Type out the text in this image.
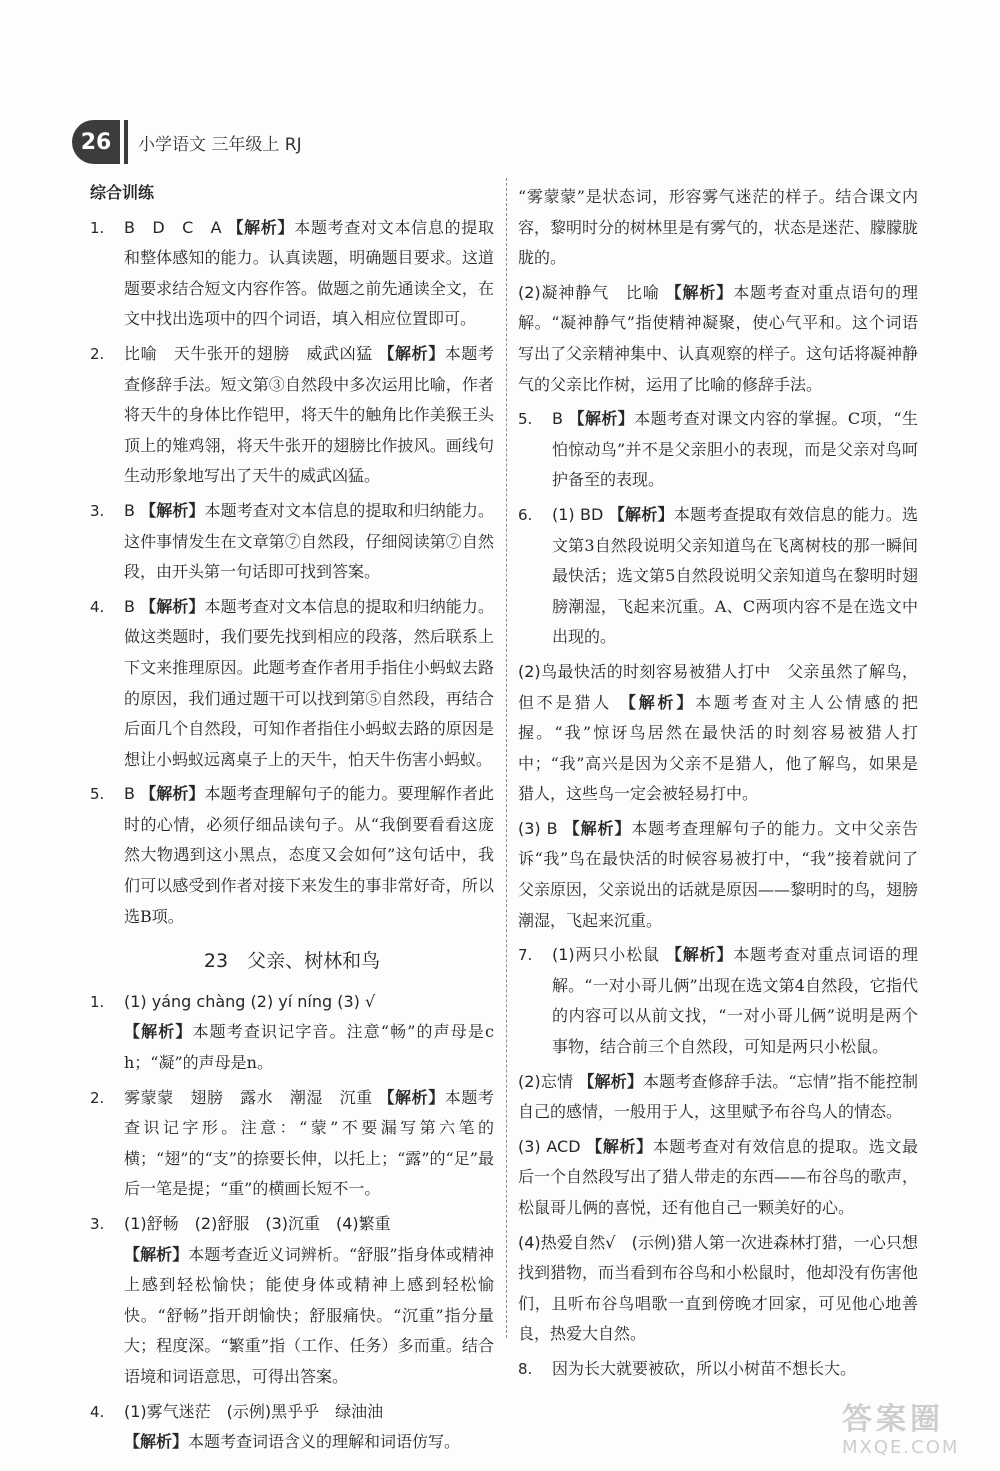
26	小学语文 三年级上 RJ
综合训练
1.	B　D　C　A 【解析】本题考查对文本信息的提取和整体感知的能力。认真读题，明确题目要求。这道题要求结合短文内容作答。做题之前先通读全文，在文中找出选项中的四个词语，填入相应位置即可。
2.	比喻　天牛张开的翅膀　威武凶猛 【解析】本题考查修辞手法。短文第③自然段中多次运用比喻，作者将天牛的身体比作铠甲，将天牛的触角比作美猴王头顶上的雉鸡翎，将天牛张开的翅膀比作披风。画线句生动形象地写出了天牛的威武凶猛。
3.	B 【解析】本题考查对文本信息的提取和归纳能力。这件事情发生在文章第⑦自然段，仔细阅读第⑦自然段，由开头第一句话即可找到答案。
4.	B 【解析】本题考查对文本信息的提取和归纳能力。做这类题时，我们要先找到相应的段落，然后联系上下文来推理原因。此题考查作者用手指住小蚂蚁去路的原因，我们通过题干可以找到第⑤自然段，再结合后面几个自然段，可知作者指住小蚂蚁去路的原因是想让小蚂蚁远离桌子上的天牛，怕天牛伤害小蚂蚁。
5.	B 【解析】本题考查理解句子的能力。要理解作者此时的心情，必须仔细品读句子。从“我倒要看看这庞然大物遇到这小黑点，态度又会如何”这句话中，我们可以感受到作者对接下来发生的事非常好奇，所以选B项。
23　父亲、树林和鸟
1.	(1) yáng chàng (2) yí níng (3) √
【解析】本题考查识记字音。注意“畅”的声母是ch；“凝”的声母是n。
2.	雾蒙蒙　翅膀　露水　潮湿　沉重 【解析】本题考查识记字形。注意：“蒙”不要漏写第六笔的横；“翅”的“支”的捺要长伸，以托上；“露”的“足”最后一笔是提；“重”的横画长短不一。
3.	(1)舒畅　(2)舒服　(3)沉重　(4)繁重
【解析】本题考查近义词辨析。“舒服”指身体或精神上感到轻松愉快；能使身体或精神上感到轻松愉快。“舒畅”指开朗愉快；舒服痛快。“沉重”指分量大；程度深。“繁重”指（工作、任务）多而重。结合语境和词语意思，可得出答案。
4.	(1)雾气迷茫　(示例)黑乎乎　绿油油
【解析】本题考查词语含义的理解和词语仿写。
“雾蒙蒙”是状态词，形容雾气迷茫的样子。结合课文内容，黎明时分的树林里是有雾气的，状态是迷茫、朦朦胧胧的。
(2)凝神静气　比喻 【解析】本题考查对重点语句的理解。“凝神静气”指使精神凝聚，使心气平和。这个词语写出了父亲精神集中、认真观察的样子。这句话将凝神静气的父亲比作树，运用了比喻的修辞手法。
5.	B 【解析】本题考查对课文内容的掌握。C项，“生怕惊动鸟”并不是父亲胆小的表现，而是父亲对鸟呵护备至的表现。
6.	(1) BD 【解析】本题考查提取有效信息的能力。选文第3自然段说明父亲知道鸟在飞离树枝的那一瞬间最快活；选文第5自然段说明父亲知道鸟在黎明时翅膀潮湿，飞起来沉重。A、C两项内容不是在选文中出现的。
(2)鸟最快活的时刻容易被猎人打中　父亲虽然了解鸟，但不是猎人 【解析】本题考查对主人公情感的把握。“我”惊讶鸟居然在最快活的时刻容易被猎人打中；“我”高兴是因为父亲不是猎人，他了解鸟，如果是猎人，这些鸟一定会被轻易打中。
(3) B 【解析】本题考查理解句子的能力。文中父亲告诉“我”鸟在最快活的时候容易被打中，“我”接着就问了父亲原因，父亲说出的话就是原因——黎明时的鸟，翅膀潮湿，飞起来沉重。
7.	(1)两只小松鼠 【解析】本题考查对重点词语的理解。“一对小哥儿俩”出现在选文第4自然段，它指代的内容可以从前文找，“一对小哥儿俩”说明是两个事物，结合前三个自然段，可知是两只小松鼠。
(2)忘情 【解析】本题考查修辞手法。“忘情”指不能控制自己的感情，一般用于人，这里赋予布谷鸟人的情态。
(3) ACD 【解析】本题考查对有效信息的提取。选文最后一个自然段写出了猎人带走的东西——布谷鸟的歌声，松鼠哥儿俩的喜悦，还有他自己一颗美好的心。
(4)热爱自然√　(示例)猎人第一次进森林打猎，一心只想找到猎物，而当看到布谷鸟和小松鼠时，他却没有伤害他们，且听布谷鸟唱歌一直到傍晚才回家，可见他心地善良，热爱大自然。
8.	因为长大就要被砍，所以小树苗不想长大。
答案圈
MXQE.COM
